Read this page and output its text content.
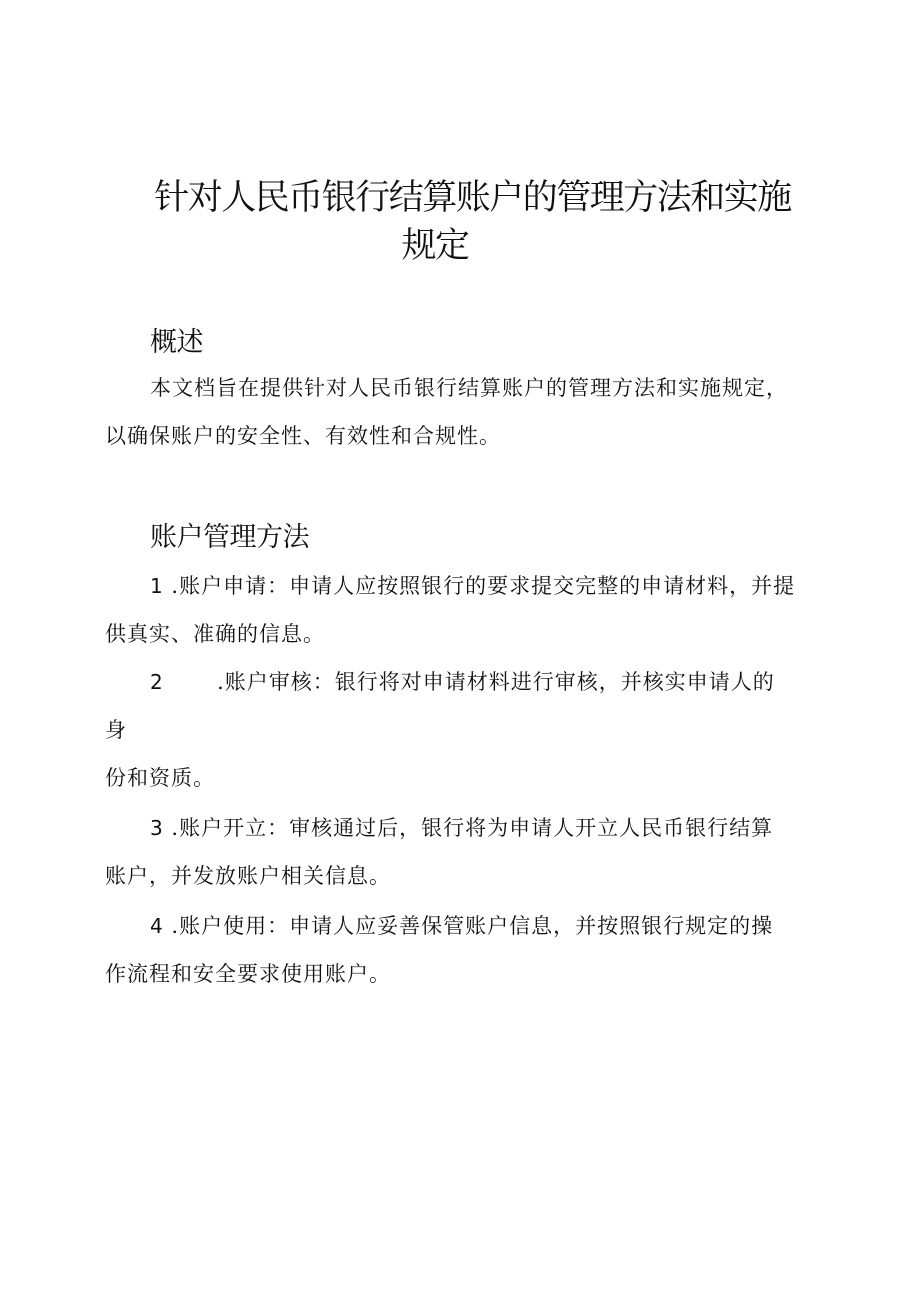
针对人民币银行结算账户的管理方法和实施
规定
概述

本文档旨在提供针对人民币银行结算账户的管理方法和实施规定，

以确保账户的安全性、有效性和合规性。

账户管理方法

1 .账户申请：申请人应按照银行的要求提交完整的申请材料，并提

供真实、准确的信息。

2	.账户审核：银行将对申请材料进行审核，并核实申请人的

身

份和资质。

3 .账户开立：审核通过后，银行将为申请人开立人民币银行结算

账户，并发放账户相关信息。

4 .账户使用：申请人应妥善保管账户信息，并按照银行规定的操

作流程和安全要求使用账户。
